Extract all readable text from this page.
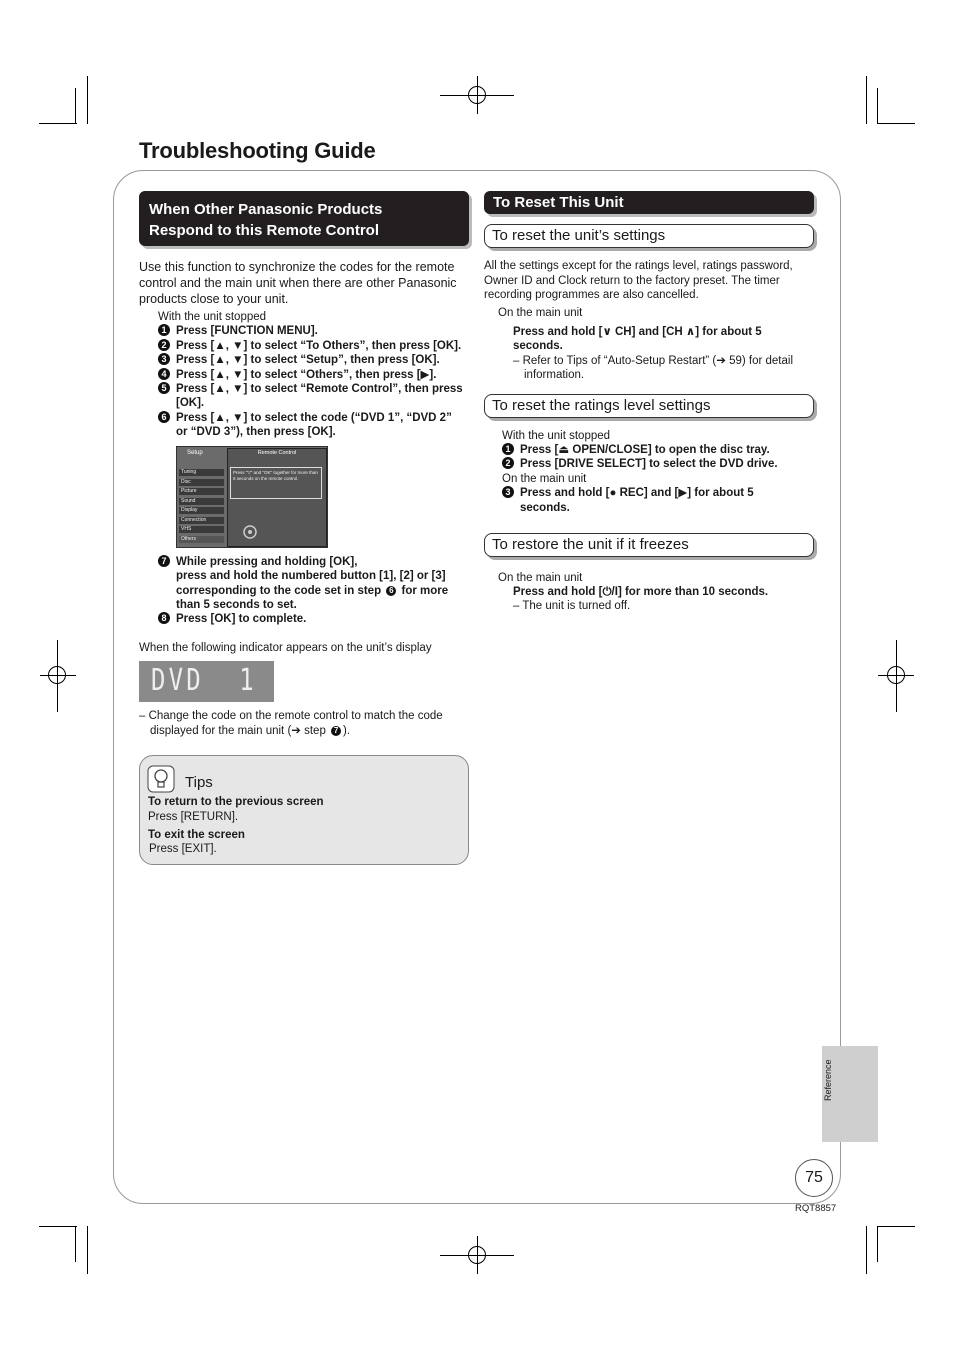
Troubleshooting Guide
When Other Panasonic Products
Respond to this Remote Control
Use this function to synchronize the codes for the remote control and the main unit when there are other Panasonic products close to your unit.
With the unit stopped
1 Press [FUNCTION MENU].
2 Press [▲, ▼] to select “To Others”, then press [OK].
3 Press [▲, ▼] to select “Setup”, then press [OK].
4 Press [▲, ▼] to select “Others”, then press [▶].
5 Press [▲, ▼] to select “Remote Control”, then press
[OK].
6 Press [▲, ▼] to select the code (“DVD 1”, “DVD 2”
or “DVD 3”), then press [OK].
Setup
Tuning
Disc
Picture
Sound
Display
Connection
VHS
Others
Remote Control
Press "▽" and "OK" together for more than 5 seconds on the remote control.
7 While pressing and holding [OK],
press and hold the numbered button [1], [2] or [3]
corresponding to the code set in step 6 for more
than 5 seconds to set.
8 Press [OK] to complete.
When the following indicator appears on the unit’s display
DVD  1
– Change the code on the remote control to match the code
displayed for the main unit (➔ step 7 ).
Tips
To return to the previous screen
Press [RETURN].
To exit the screen
Press [EXIT].
To Reset This Unit
To reset the unit’s settings
All the settings except for the ratings level, ratings password,
Owner ID and Clock return to the factory preset. The timer
recording programmes are also cancelled.
On the main unit
Press and hold [∨ CH] and [CH ∧] for about 5
seconds.
– Refer to Tips of “Auto-Setup Restart” (➔ 59) for detail
information.
To reset the ratings level settings
With the unit stopped
1 Press [⏏ OPEN/CLOSE] to open the disc tray.
2 Press [DRIVE SELECT] to select the DVD drive.
On the main unit
3 Press and hold [● REC] and [▶] for about 5
seconds.
To restore the unit if it freezes
On the main unit
Press and hold [⏻/I] for more than 10 seconds.
– The unit is turned off.
Reference
75
RQT8857
